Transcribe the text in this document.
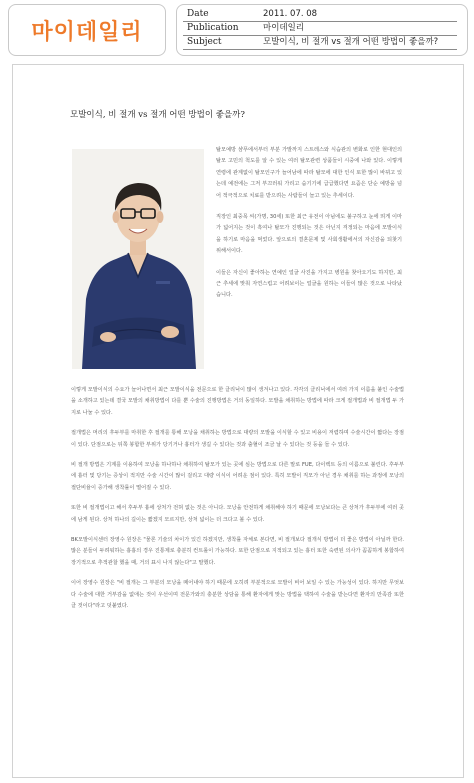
마이데일리
Date	2011. 07. 08
Publication	마이데일리
Subject	모발이식, 비 절개 vs 절개 어떤 방법이 좋을까?
모발이식, 비 절개 vs 절개 어떤 방법이 좋을까?

탈모예방 샴푸에서부터 부분 가발까지 스트레스와 식습관의 변화로 인한 현대인의 탈모 고민의 척도를 알 수 있는 여러 탈모관련 상품들이 시중에 나와 있다. 이렇게 연령에 관계없이 탈모인구가 늘어남에 따라 탈모에 대한 인식 또한 많이 바뀌고 있는데 예전에는 그저 부끄러워 가리고 숨기기에 급급했다면 요즘은 단순 예방을 넘어 적극적으로 치료를 받으려는 사람들이 늘고 있는 추세이다.

직장인 최중목 씨(가명, 30세) 또한 최근 유전이 아님에도 불구하고 눈에 띄게 이마가 넓어지는 것이 흑여나 탈모가 진행되는 것은 아닌지 걱정되는 마음에 모발이식을 하기로 마음을 먹었다. 앞으로의 결혼문제 및 사회생활에서의 자신감을 되찾기 위해서이다.

이들은 자신이 좋아하는 연예인 얼굴 사진을 가지고 병원을 찾아오기도 하지만, 최근 추세에 맞춰 자연스럽고 어려보이는 얼굴을 원하는 이들이 많은 것으로 나타났습니다.

이렇게 모발이식의 수요가 늘어나면서 최근 모발이식을 전문으로 한 클리닉이 많이 생겨나고 있다. 각각의 클리닉에서 여러 가지 이름을 붙인 수술법을 소개하고 있는데 결국 모발의 채취방법이 다를 뿐 수술의 진행방법은 거의 동일하다. 모발을 채취하는 방법에 따라 크게 절개법과 비 절개법 두 가지로 나눌 수 있다.

절개법은 머리의 후두부를 마취한 후 절개를 통해 모낭을 채취하는 방법으로 대량의 모발을 이식할 수 있고 비용이 저렴하며 수술시간이 짧다는 장점이 있다. 단점으로는 뒤쪽 봉합한 부위가 당기거나 흉터가 생길 수 있다는 것과 출혈이 조금 날 수 있다는 것 등을 들 수 있다.

비 절개 방법은 기계를 이용하여 모낭을 하나하나 채취하여 탈모가 있는 곳에 심는 방법으로 다른 말로 FUE, 다이렉트 등의 이름으로 불린다. 후두부에 흉터 및 당기는 증상이 적지만 수술 시간이 많이 걸리고 대량 이식이 어려운 점이 있다. 특히 모발이 직모가 아닌 경우 채취를 하는 과정에 모낭의 절단비율이 증가해 생착률이 떨어질 수 있다.

또한 비 절개법이고 해서 후두부 흉에 상처가 전혀 없는 것은 아니다. 모낭을 안전하게 채취해야 하기 때문에 모낭보다는 큰 상처가 후두부에 여러 곳에 남게 된다. 상처 하나의 길이는 짧겠지 모르지만, 상처 넓이는 더 크다고 볼 수 있다.

BK모발이식센터 장영수 원장은 "물론 기술의 차이가 있긴 하겠지만, 생착률 자체로 본다면, 비 절개보다 절개식 방법이 더 좋은 방법이 아닐까 한다. 많은 분들이 두려워하는 흉흉의 경우 진통제로 충분히 컨트롤이 가능하다. 또한 단점으로 지적되고 있는 흉터 또한 숙련된 의사가 꼼꼼하게 봉합하여 장기적으로 추적관찰 했을 때, 거의 표시 나지 않는다"고 말했다.

이어 장영수 원장은 "비 절개는 그 부분의 모낭을 떼어내야 하기 때문에 오히려 부분적으로 모발이 비어 보일 수 있는 가능성이 있다. 하지만 무엇보다 수술에 대한 거부감을 없애는 것이 우선이며 전문가와의 충분한 상담을 통해 환자에게 맞는 방법을 택하여 수술을 받는다면 환자의 만족감 또한 클 것이다"라고 덧붙였다.
